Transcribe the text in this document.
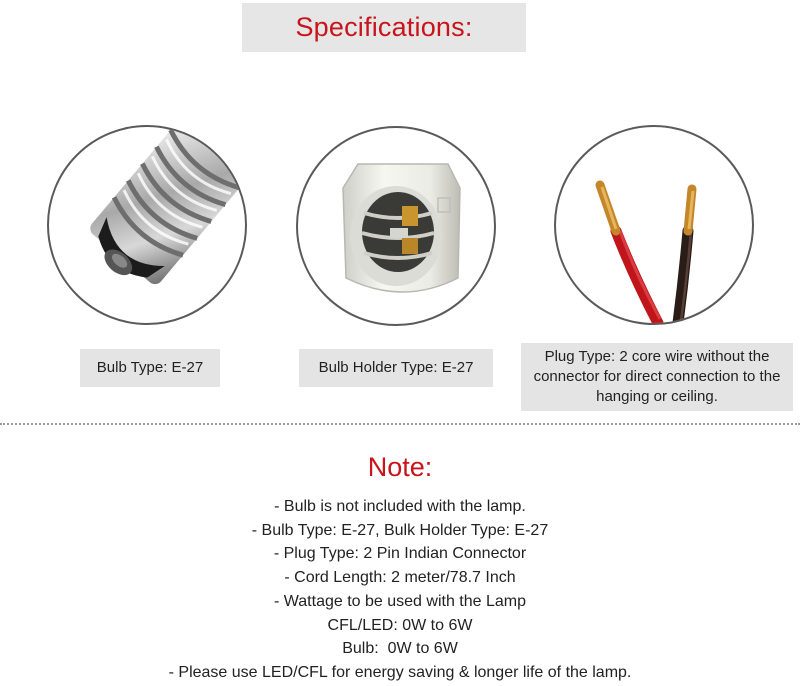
Specifications:
Bulb Type: E-27	Bulb Holder Type: E-27
Plug Type: 2 core wire without the connector for direct connection to the hanging or ceiling.
Note:
- Bulb is not included with the lamp.
- Bulb Type: E-27, Bulk Holder Type: E-27
- Plug Type: 2 Pin Indian Connector
- Cord Length: 2 meter/78.7 Inch
- Wattage to be used with the Lamp
CFL/LED: 0W to 6W
Bulb:  0W to 6W
- Please use LED/CFL for energy saving & longer life of the lamp.
